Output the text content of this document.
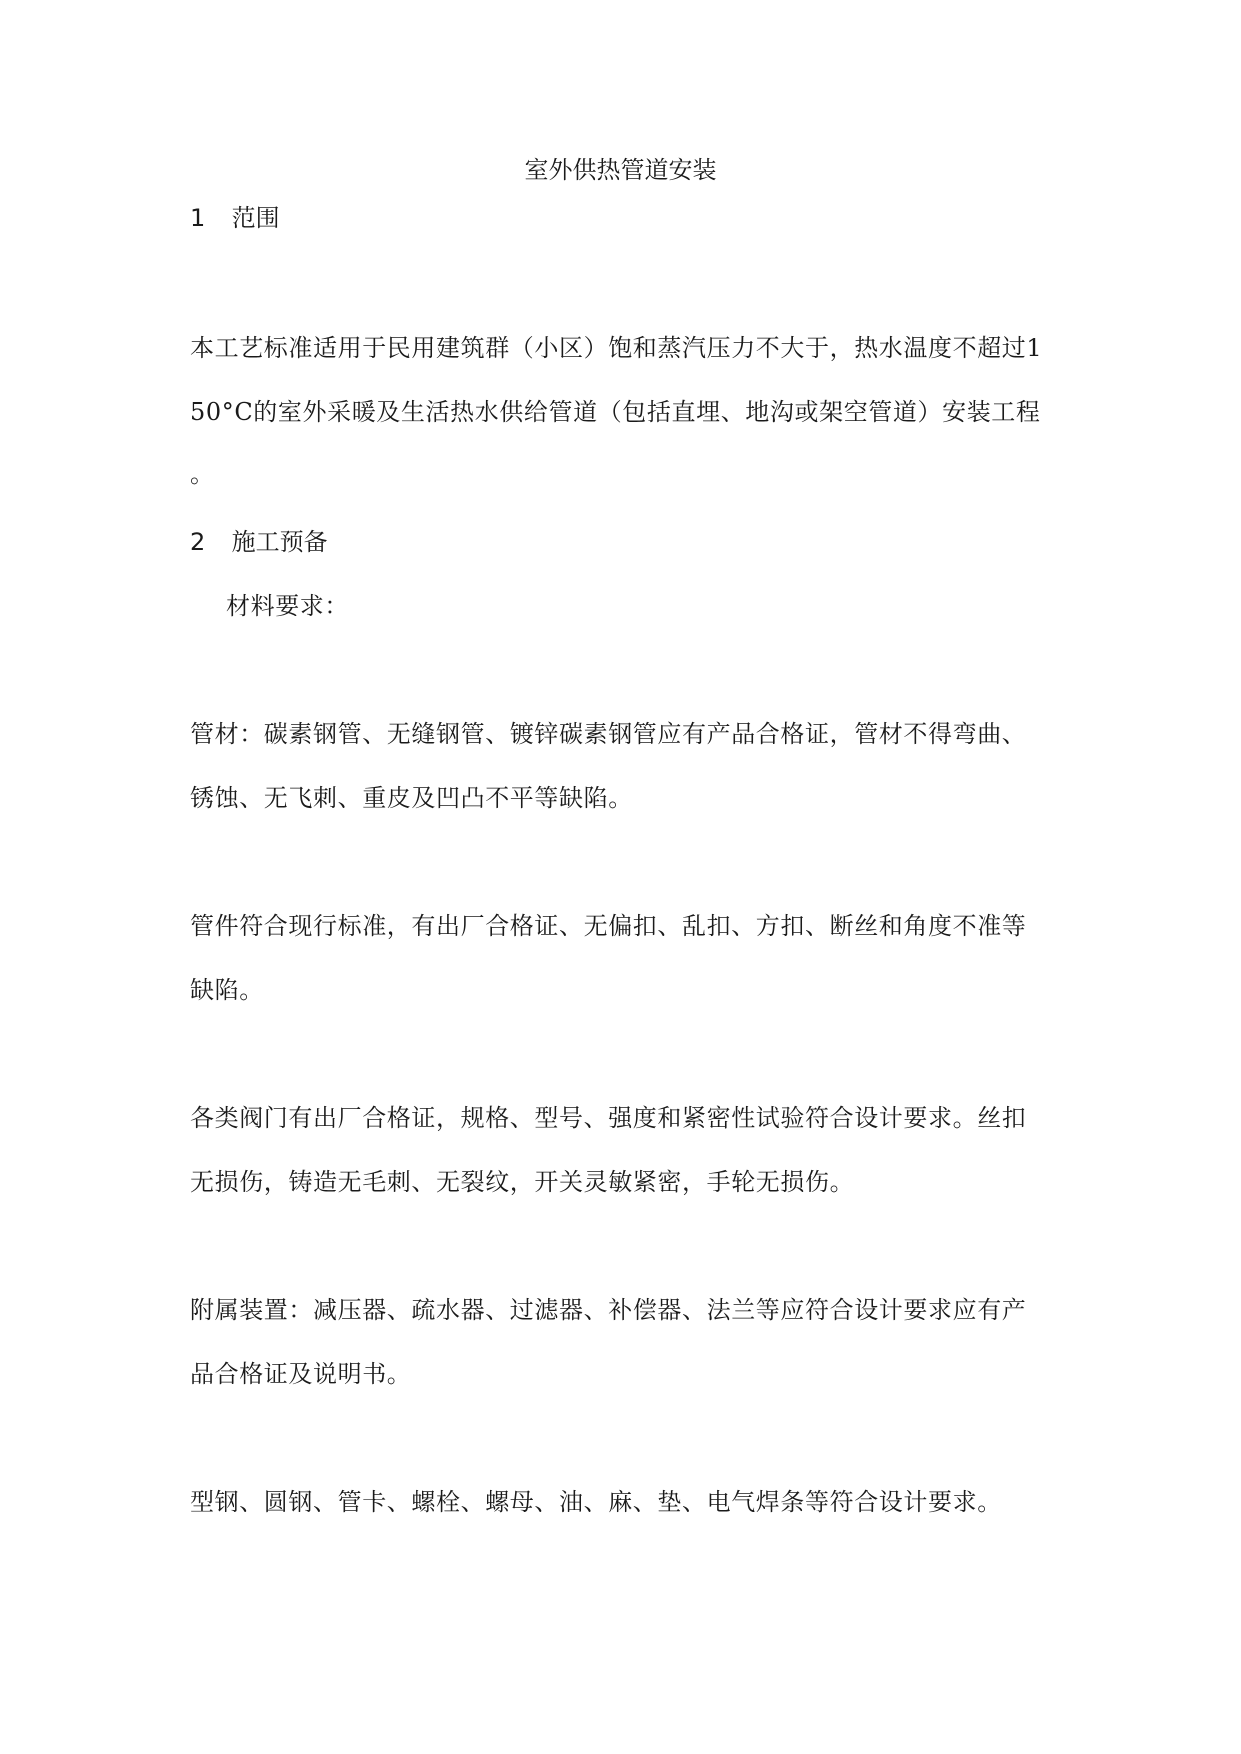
室外供热管道安装
1 范围
本工艺标准适用于民用建筑群（小区）饱和蒸汽压力不大于，热水温度不超过1
50°C的室外采暖及生活热水供给管道（包括直埋、地沟或架空管道）安装工程
。
2 施工预备
材料要求：
管材：碳素钢管、无缝钢管、镀锌碳素钢管应有产品合格证，管材不得弯曲、
锈蚀、无飞刺、重皮及凹凸不平等缺陷。
管件符合现行标准，有出厂合格证、无偏扣、乱扣、方扣、断丝和角度不准等
缺陷。
各类阀门有出厂合格证，规格、型号、强度和紧密性试验符合设计要求。丝扣
无损伤，铸造无毛刺、无裂纹，开关灵敏紧密，手轮无损伤。
附属装置：减压器、疏水器、过滤器、补偿器、法兰等应符合设计要求应有产
品合格证及说明书。
型钢、圆钢、管卡、螺栓、螺母、油、麻、垫、电气焊条等符合设计要求。
